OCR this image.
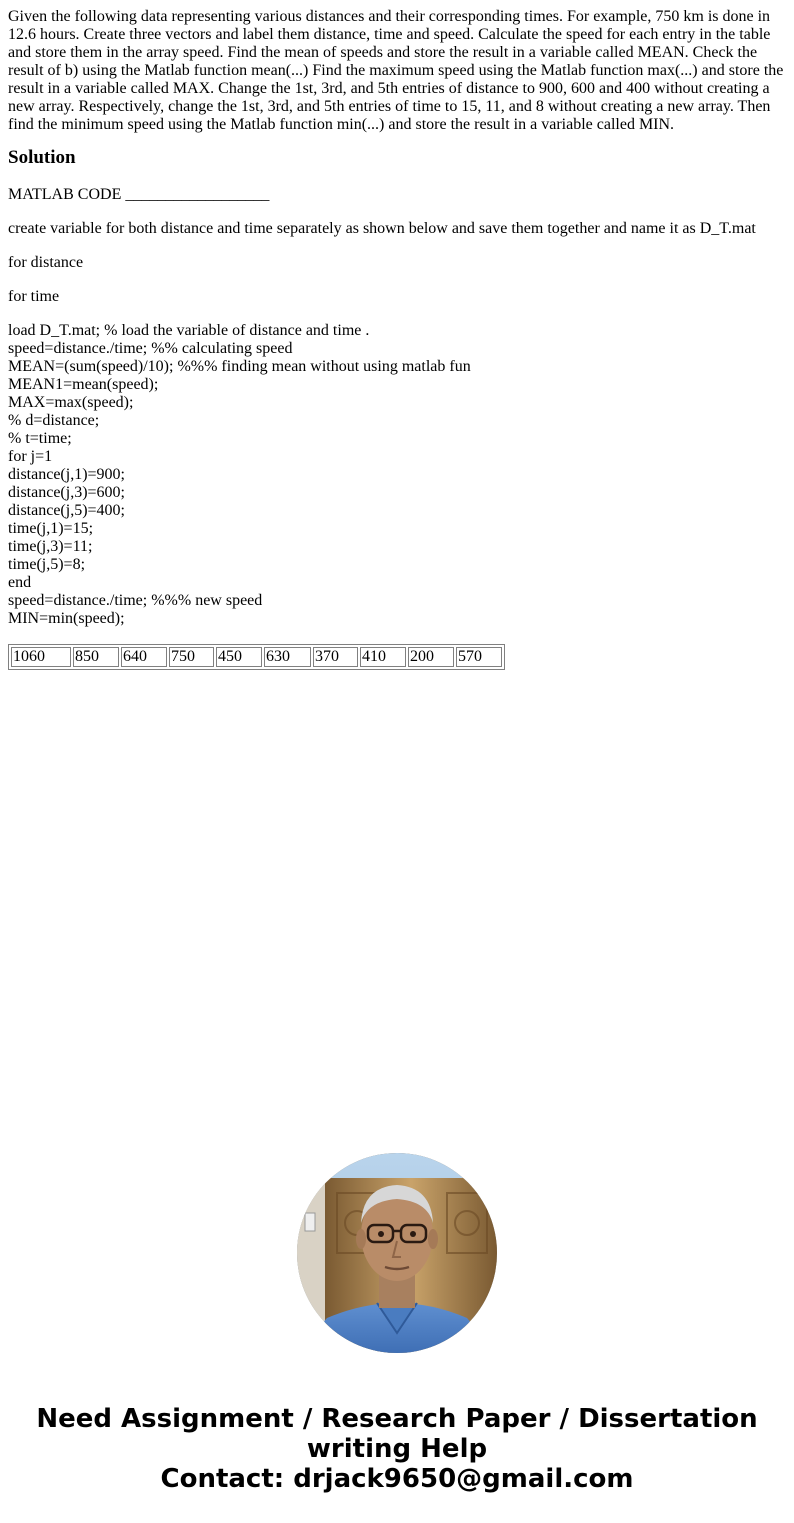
Given the following data representing various distances and their corresponding times. For example, 750 km is done in 12.6 hours. Create three vectors and label them distance, time and speed. Calculate the speed for each entry in the table and store them in the array speed. Find the mean of speeds and store the result in a variable called MEAN. Check the result of b) using the Matlab function mean(...) Find the maximum speed using the Matlab function max(...) and store the result in a variable called MAX. Change the 1st, 3rd, and 5th entries of distance to 900, 600 and 400 without creating a new array. Respectively, change the 1st, 3rd, and 5th entries of time to 15, 11, and 8 without creating a new array. Then find the minimum speed using the Matlab function min(...) and store the result in a variable called MIN.
Solution

MATLAB CODE __________________

create variable for both distance and time separately as shown below and save them together and name it as D_T.mat

for distance

for time

load D_T.mat; % load the variable of distance and time .
speed=distance./time; %% calculating speed
MEAN=(sum(speed)/10); %%% finding mean without using matlab fun
MEAN1=mean(speed);
MAX=max(speed);
% d=distance;
% t=time;
for j=1
distance(j,1)=900;
distance(j,3)=600;
distance(j,5)=400;
time(j,1)=15;
time(j,3)=11;
time(j,5)=8;
end
speed=distance./time; %%% new speed
MIN=min(speed);
1060	850	640	750	450	630	370	410	200	570
Need Assignment / Research Paper / Dissertation
writing Help
Contact: drjack9650@gmail.com
